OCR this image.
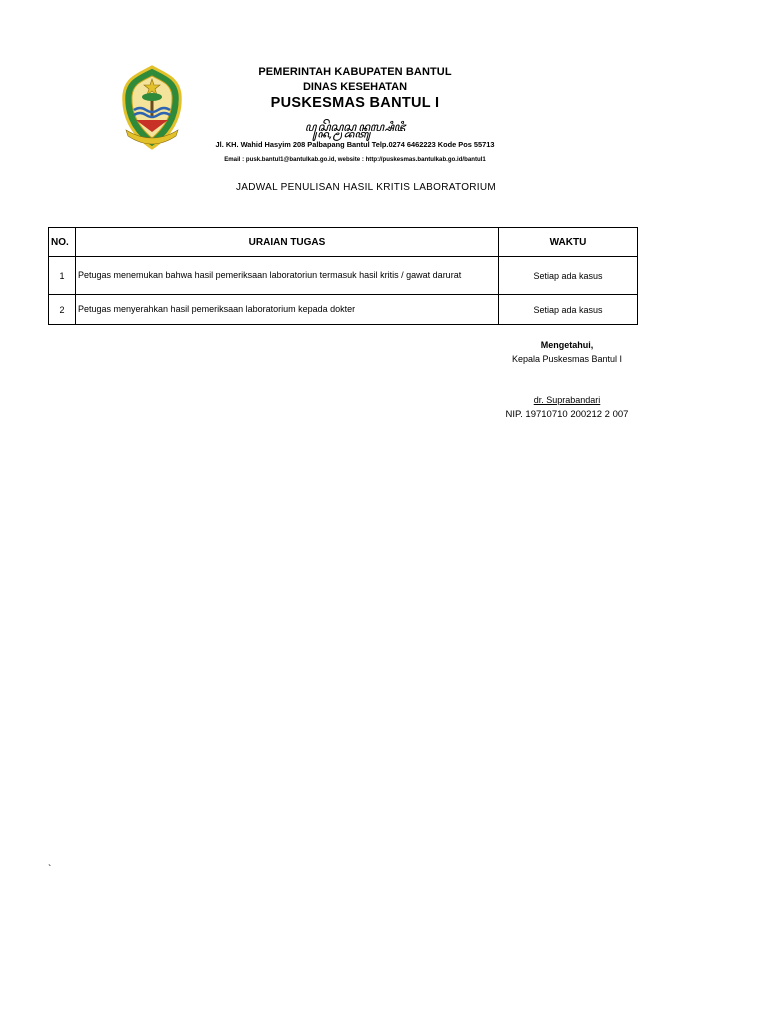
PEMERINTAH KABUPATEN BANTUL
DINAS KESEHATAN
PUSKESMAS BANTUL I
ꦥꦸꦱ꧀ꦏꦼꦱ꧀ꦩꦱ꧀ꦧꦤ꧀ꦠꦸꦭ꧀ꦱꦶꦗꦶ
Jl. KH. Wahid Hasyim 208 Palbapang Bantul Telp.0274 6462223 Kode Pos 55713
Email : pusk.bantul1@bantulkab.go.id, website : http://puskesmas.bantulkab.go.id/bantul1
JADWAL PENULISAN HASIL KRITIS LABORATORIUM
NO.	URAIAN TUGAS	WAKTU
1	Petugas menemukan bahwa hasil pemeriksaan laboratoriun termasuk hasil kritis / gawat darurat	Setiap ada kasus
2	Petugas menyerahkan hasil pemeriksaan laboratorium kepada dokter	Setiap ada kasus
Mengetahui,
Kepala Puskesmas Bantul I
dr. Suprabandari
NIP. 19710710 200212 2 007
`
